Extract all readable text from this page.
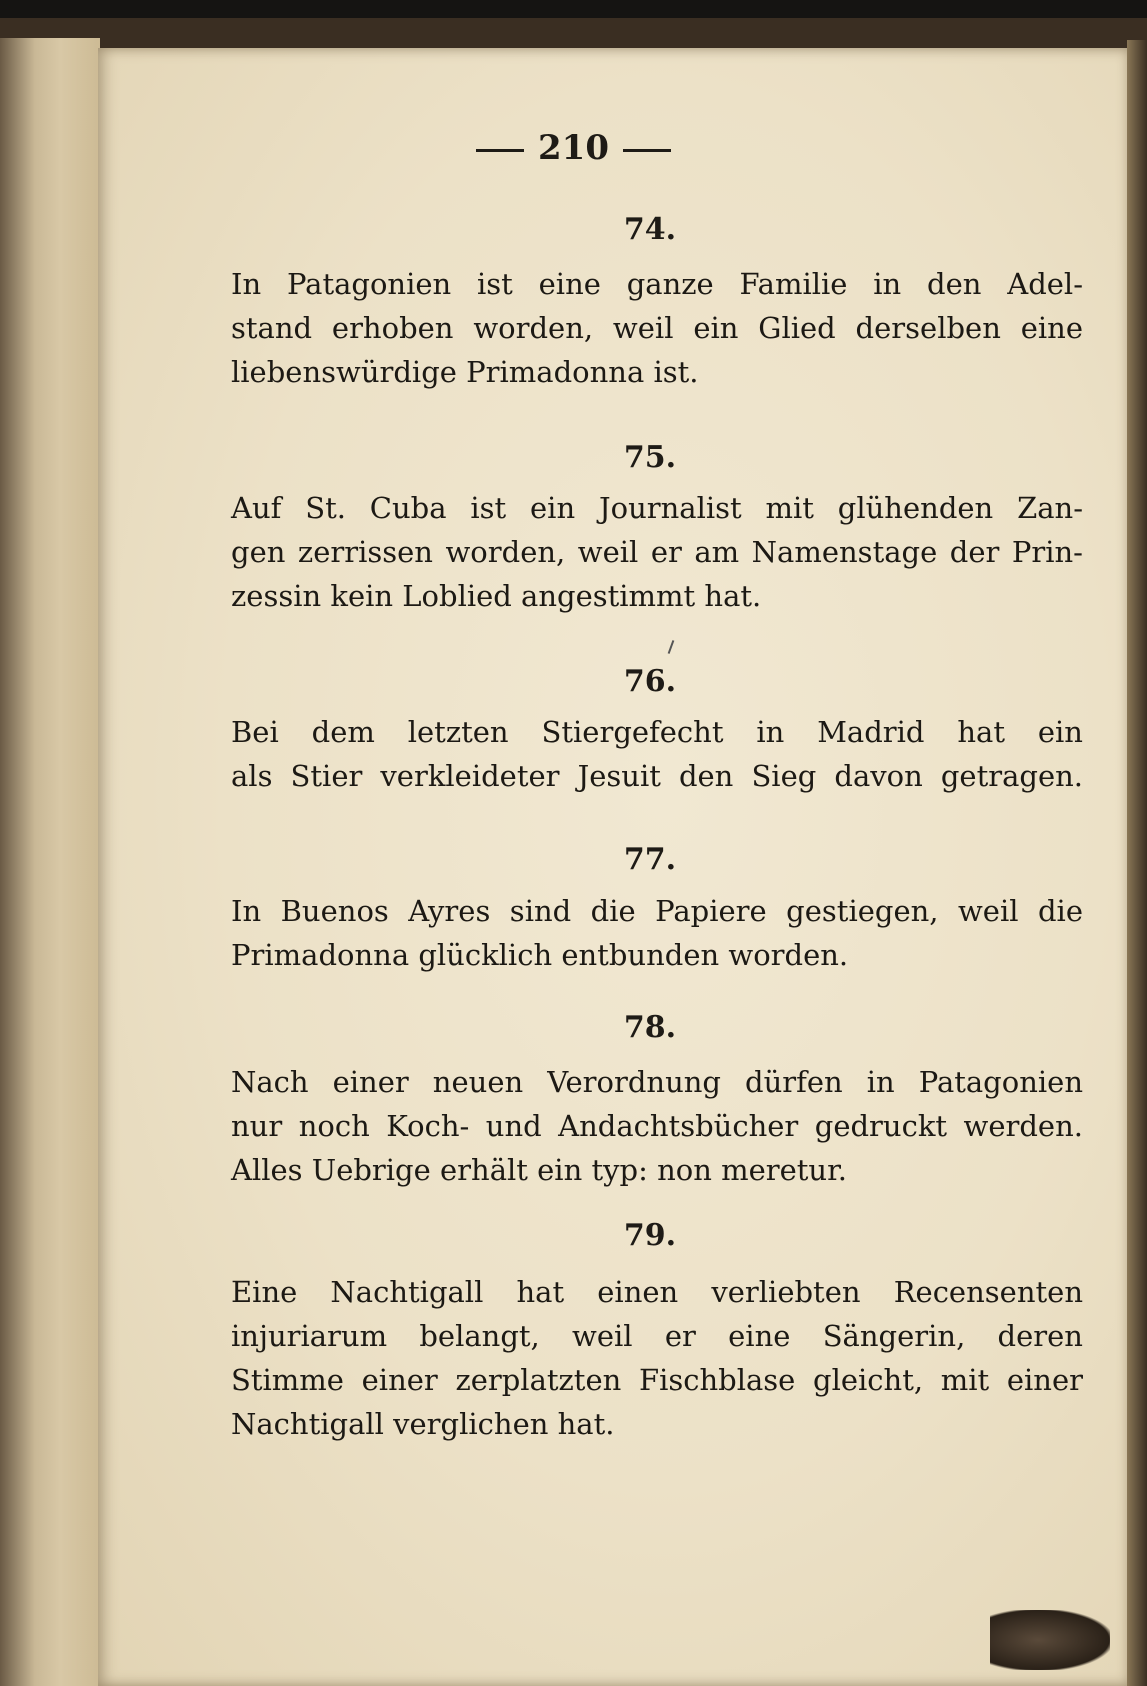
210
74.
In Patagonien ist eine ganze Familie in den Adel-
stand erhoben worden, weil ein Glied derselben eine
liebenswürdige Primadonna ist.
75.
Auf St. Cuba ist ein Journalist mit glühenden Zan-
gen zerrissen worden, weil er am Namenstage der Prin-
zessin kein Loblied angestimmt hat.
76.
Bei dem letzten Stiergefecht in Madrid hat ein
als Stier verkleideter Jesuit den Sieg davon getragen.
77.
In Buenos Ayres sind die Papiere gestiegen, weil die
Primadonna glücklich entbunden worden.
78.
Nach einer neuen Verordnung dürfen in Patagonien
nur noch Koch- und Andachtsbücher gedruckt werden.
Alles Uebrige erhält ein typ: non meretur.
79.
Eine Nachtigall hat einen verliebten Recensenten
injuriarum belangt, weil er eine Sängerin, deren
Stimme einer zerplatzten Fischblase gleicht, mit einer
Nachtigall verglichen hat.
